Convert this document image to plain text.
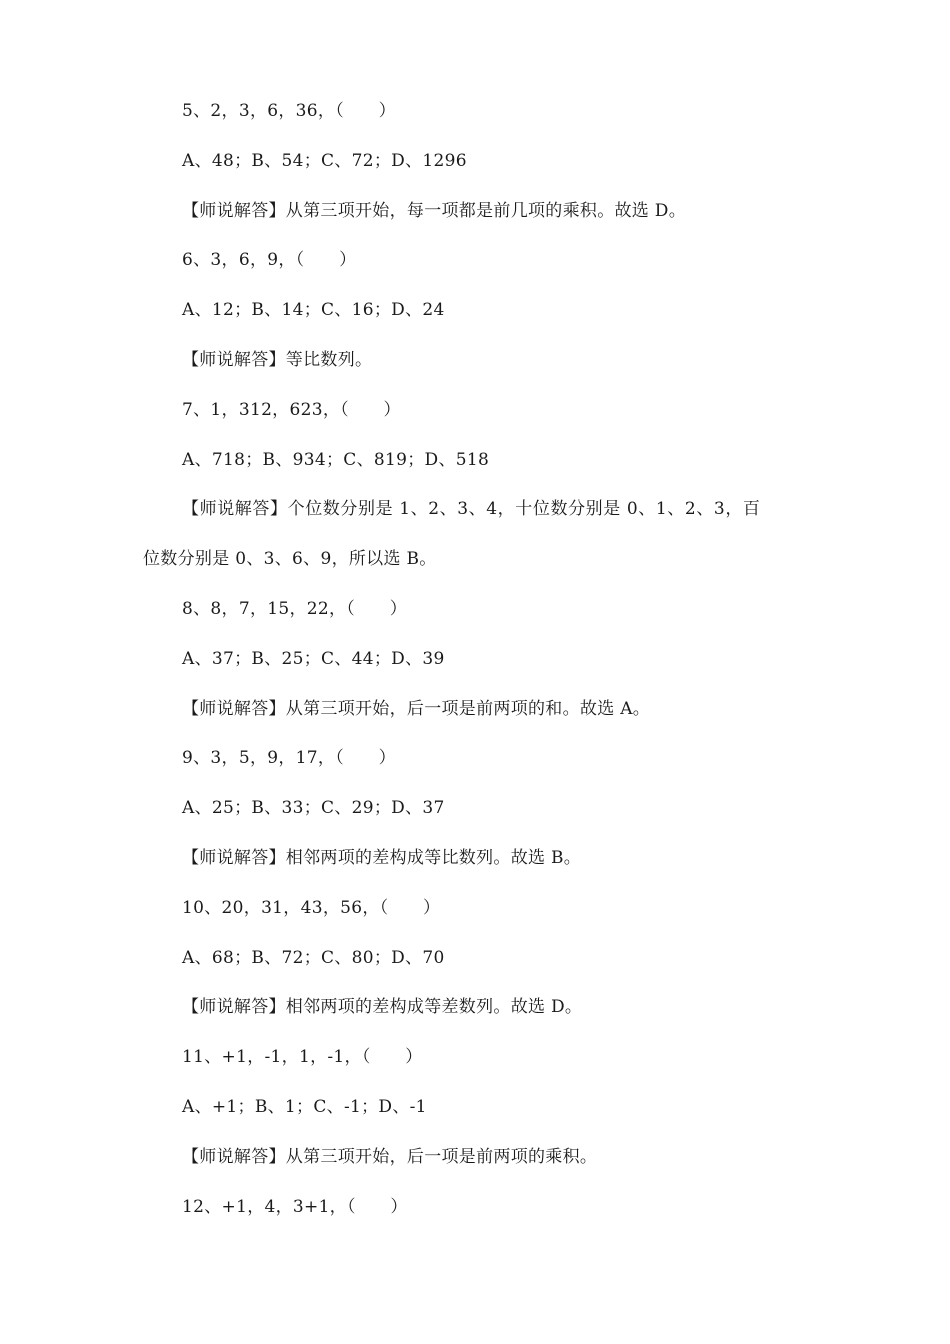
5、2，3，6，36，（　　）
A、48；B、54；C、72；D、1296
【师说解答】从第三项开始，每一项都是前几项的乘积。故选 D。
6、3，6，9，（　　）
A、12；B、14；C、16；D、24
【师说解答】等比数列。
7、1，312，623，（　　）
A、718；B、934；C、819；D、518
【师说解答】个位数分别是 1、2、3、4，十位数分别是 0、1、2、3，百
位数分别是 0、3、6、9，所以选 B。
8、8，7，15，22，（　　）
A、37；B、25；C、44；D、39
【师说解答】从第三项开始，后一项是前两项的和。故选 A。
9、3，5，9，17，（　　）
A、25；B、33；C、29；D、37
【师说解答】相邻两项的差构成等比数列。故选 B。
10、20，31，43，56，（　　）
A、68；B、72；C、80；D、70
【师说解答】相邻两项的差构成等差数列。故选 D。
11、+1，-1，1，-1，（　　）
A、+1；B、1；C、-1；D、-1
【师说解答】从第三项开始，后一项是前两项的乘积。
12、+1，4，3+1，（　　）
